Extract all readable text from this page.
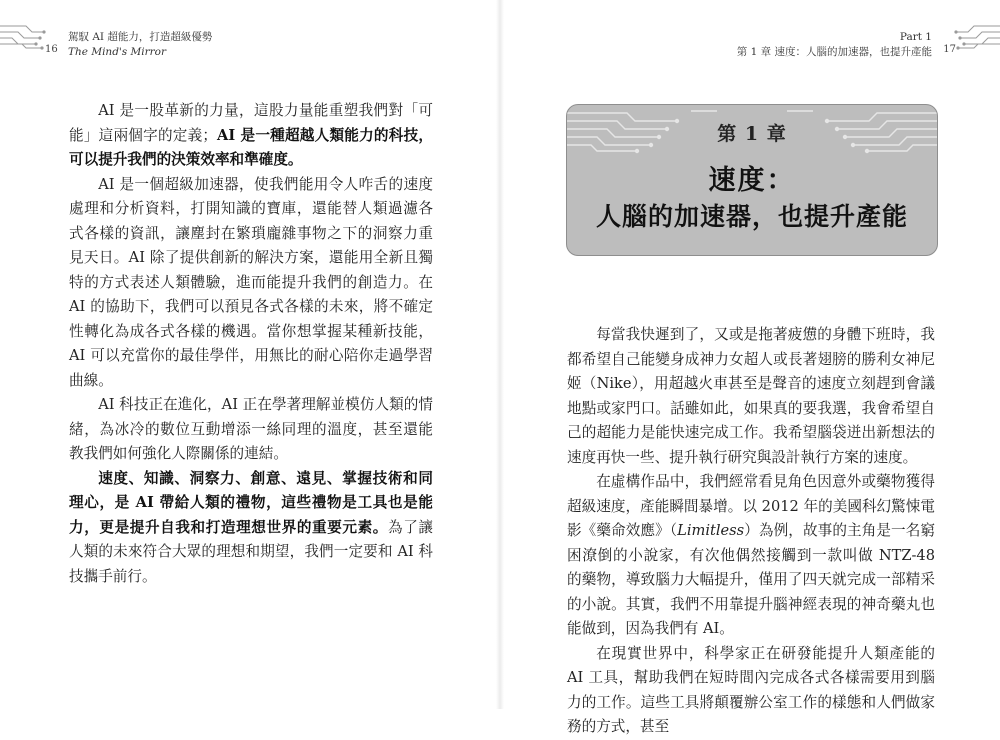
16
駕馭 AI 超能力，打造超級優勢
The Mind's Mirror

AI 是一股革新的力量，這股力量能重塑我們對「可能」這兩個字的定義；AI 是一種超越人類能力的科技，可以提升我們的決策效率和準確度。

AI 是一個超級加速器，使我們能用令人咋舌的速度處理和分析資料，打開知識的寶庫，還能替人類過濾各式各樣的資訊，讓塵封在繁瑣龐雜事物之下的洞察力重見天日。AI 除了提供創新的解決方案，還能用全新且獨特的方式表述人類體驗，進而能提升我們的創造力。在 AI 的協助下，我們可以預見各式各樣的未來，將不確定性轉化為成各式各樣的機遇。當你想掌握某種新技能，AI 可以充當你的最佳學伴，用無比的耐心陪你走過學習曲線。

AI 科技正在進化，AI 正在學著理解並模仿人類的情緒，為冰冷的數位互動增添一絲同理的溫度，甚至還能教我們如何強化人際關係的連結。

速度、知識、洞察力、創意、遠見、掌握技術和同理心，是 AI 帶給人類的禮物，這些禮物是工具也是能力，更是提升自我和打造理想世界的重要元素。為了讓人類的未來符合大眾的理想和期望，我們一定要和 AI 科技攜手前行。

Part 1
第 1 章 速度：人腦的加速器，也提升產能 17
第 1 章
速度：
人腦的加速器，也提升產能

每當我快遲到了，又或是拖著疲憊的身體下班時，我都希望自己能變身成神力女超人或長著翅膀的勝利女神尼姬（Nike），用超越火車甚至是聲音的速度立刻趕到會議地點或家門口。話雖如此，如果真的要我選，我會希望自己的超能力是能快速完成工作。我希望腦袋迸出新想法的速度再快一些、提升執行研究與設計執行方案的速度。

在虛構作品中，我們經常看見角色因意外或藥物獲得超級速度，產能瞬間暴增。以 2012 年的美國科幻驚悚電影《藥命效應》（Limitless）為例，故事的主角是一名窮困潦倒的小說家，有次他偶然接觸到一款叫做 NTZ-48 的藥物，導致腦力大幅提升，僅用了四天就完成一部精采的小說。其實，我們不用靠提升腦神經表現的神奇藥丸也能做到，因為我們有 AI。

在現實世界中，科學家正在研發能提升人類產能的 AI 工具，幫助我們在短時間內完成各式各樣需要用到腦力的工作。這些工具將顛覆辦公室工作的樣態和人們做家務的方式，甚至
